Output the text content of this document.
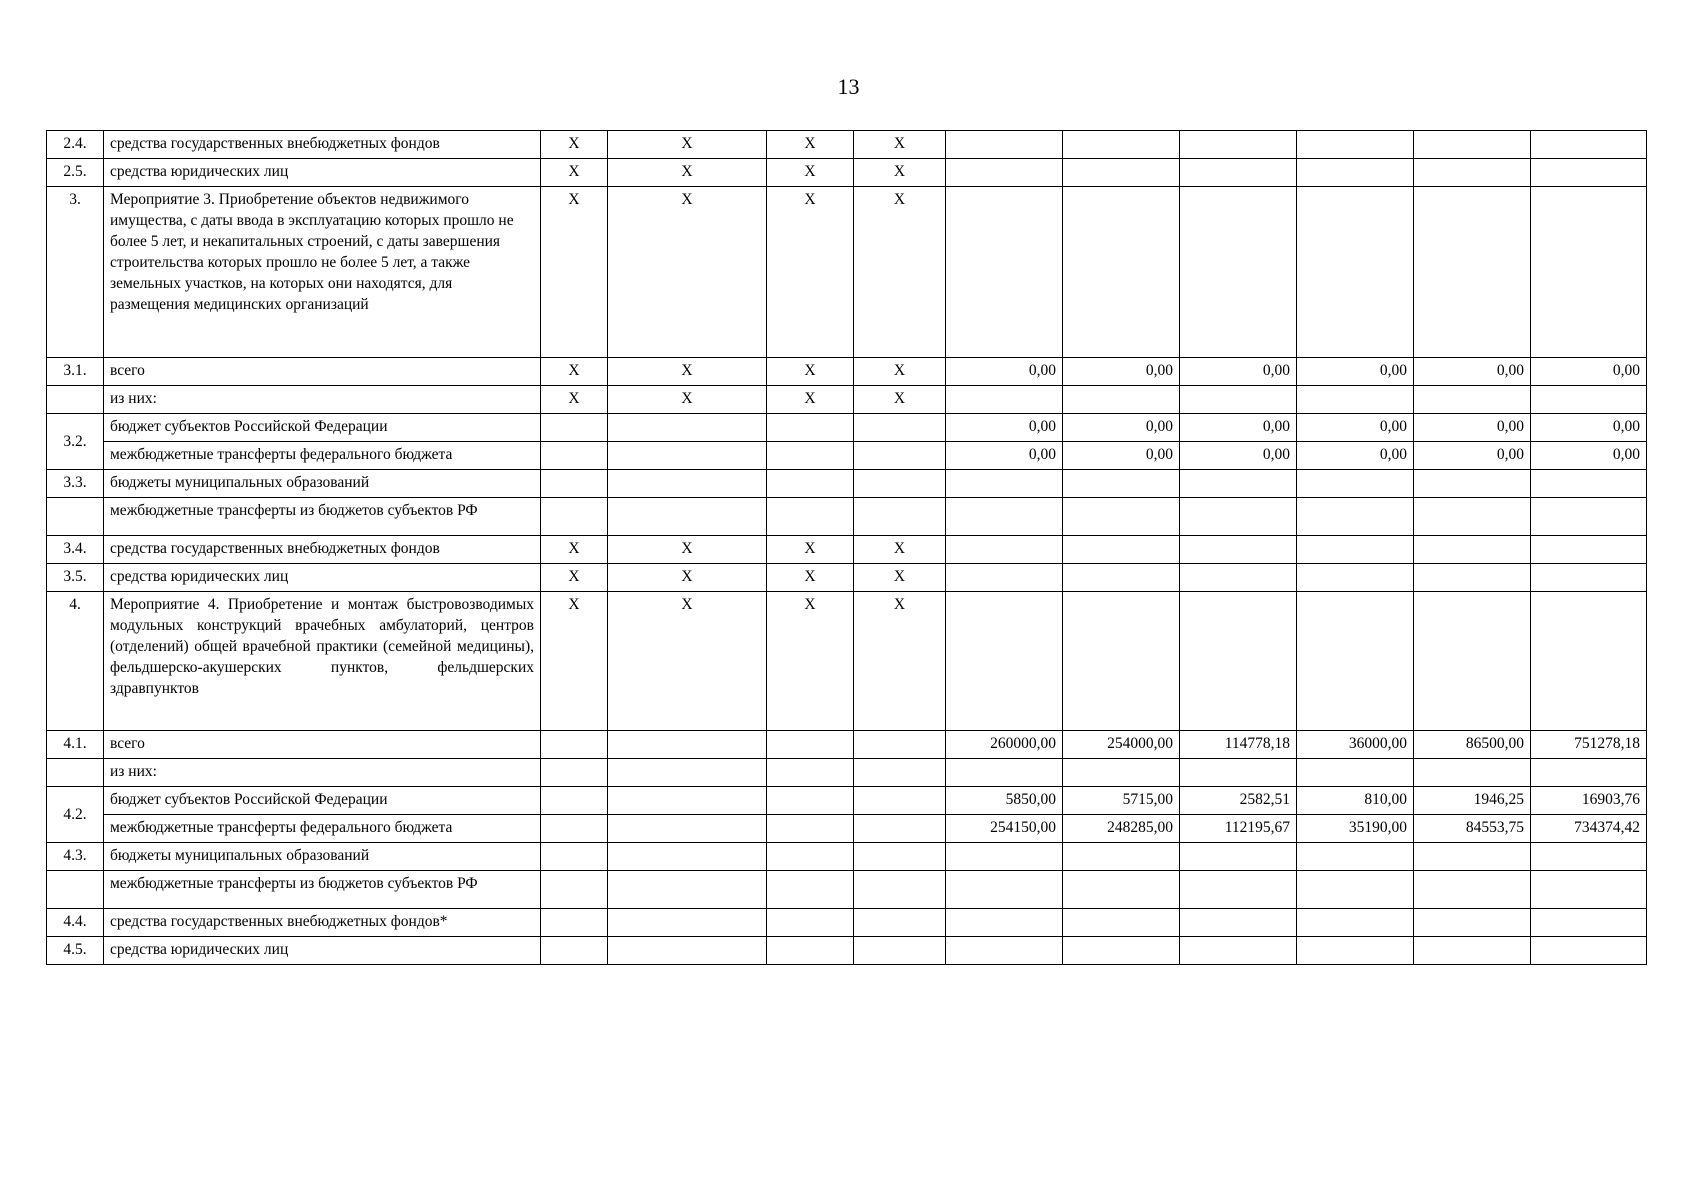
13
2.4.	средства государственных внебюджетных фондов	Х	Х	Х	Х						
2.5.	средства юридических лиц	Х	Х	Х	Х						
3.	Мероприятие 3. Приобретение объектов недвижимого имущества, с даты ввода в эксплуатацию которых прошло не более 5 лет, и некапитальных строений, с даты завершения строительства которых прошло не более 5 лет, а также земельных участков, на которых они находятся, для размещения медицинских организаций	Х	Х	Х	Х						
3.1.	всего	Х	Х	Х	Х	0,00	0,00	0,00	0,00	0,00	0,00
	из них:	Х	Х	Х	Х						
3.2.	бюджет субъектов Российской Федерации					0,00	0,00	0,00	0,00	0,00	0,00
	межбюджетные трансферты федерального бюджета					0,00	0,00	0,00	0,00	0,00	0,00
3.3.	бюджеты муниципальных образований										
	межбюджетные трансферты из бюджетов субъектов РФ										
3.4.	средства государственных внебюджетных фондов	Х	Х	Х	Х						
3.5.	средства юридических лиц	Х	Х	Х	Х						
4.	Мероприятие 4. Приобретение и монтаж быстровозводимых модульных конструкций врачебных амбулаторий, центров (отделений) общей врачебной практики (семейной медицины), фельдшерско-акушерских пунктов, фельдшерских здравпунктов	Х	Х	Х	Х						
4.1.	всего					260000,00	254000,00	114778,18	36000,00	86500,00	751278,18
	из них:										
4.2.	бюджет субъектов Российской Федерации					5850,00	5715,00	2582,51	810,00	1946,25	16903,76
	межбюджетные трансферты федерального бюджета					254150,00	248285,00	112195,67	35190,00	84553,75	734374,42
4.3.	бюджеты муниципальных образований										
	межбюджетные трансферты из бюджетов субъектов РФ										
4.4.	средства государственных внебюджетных фондов*										
4.5.	средства юридических лиц										
